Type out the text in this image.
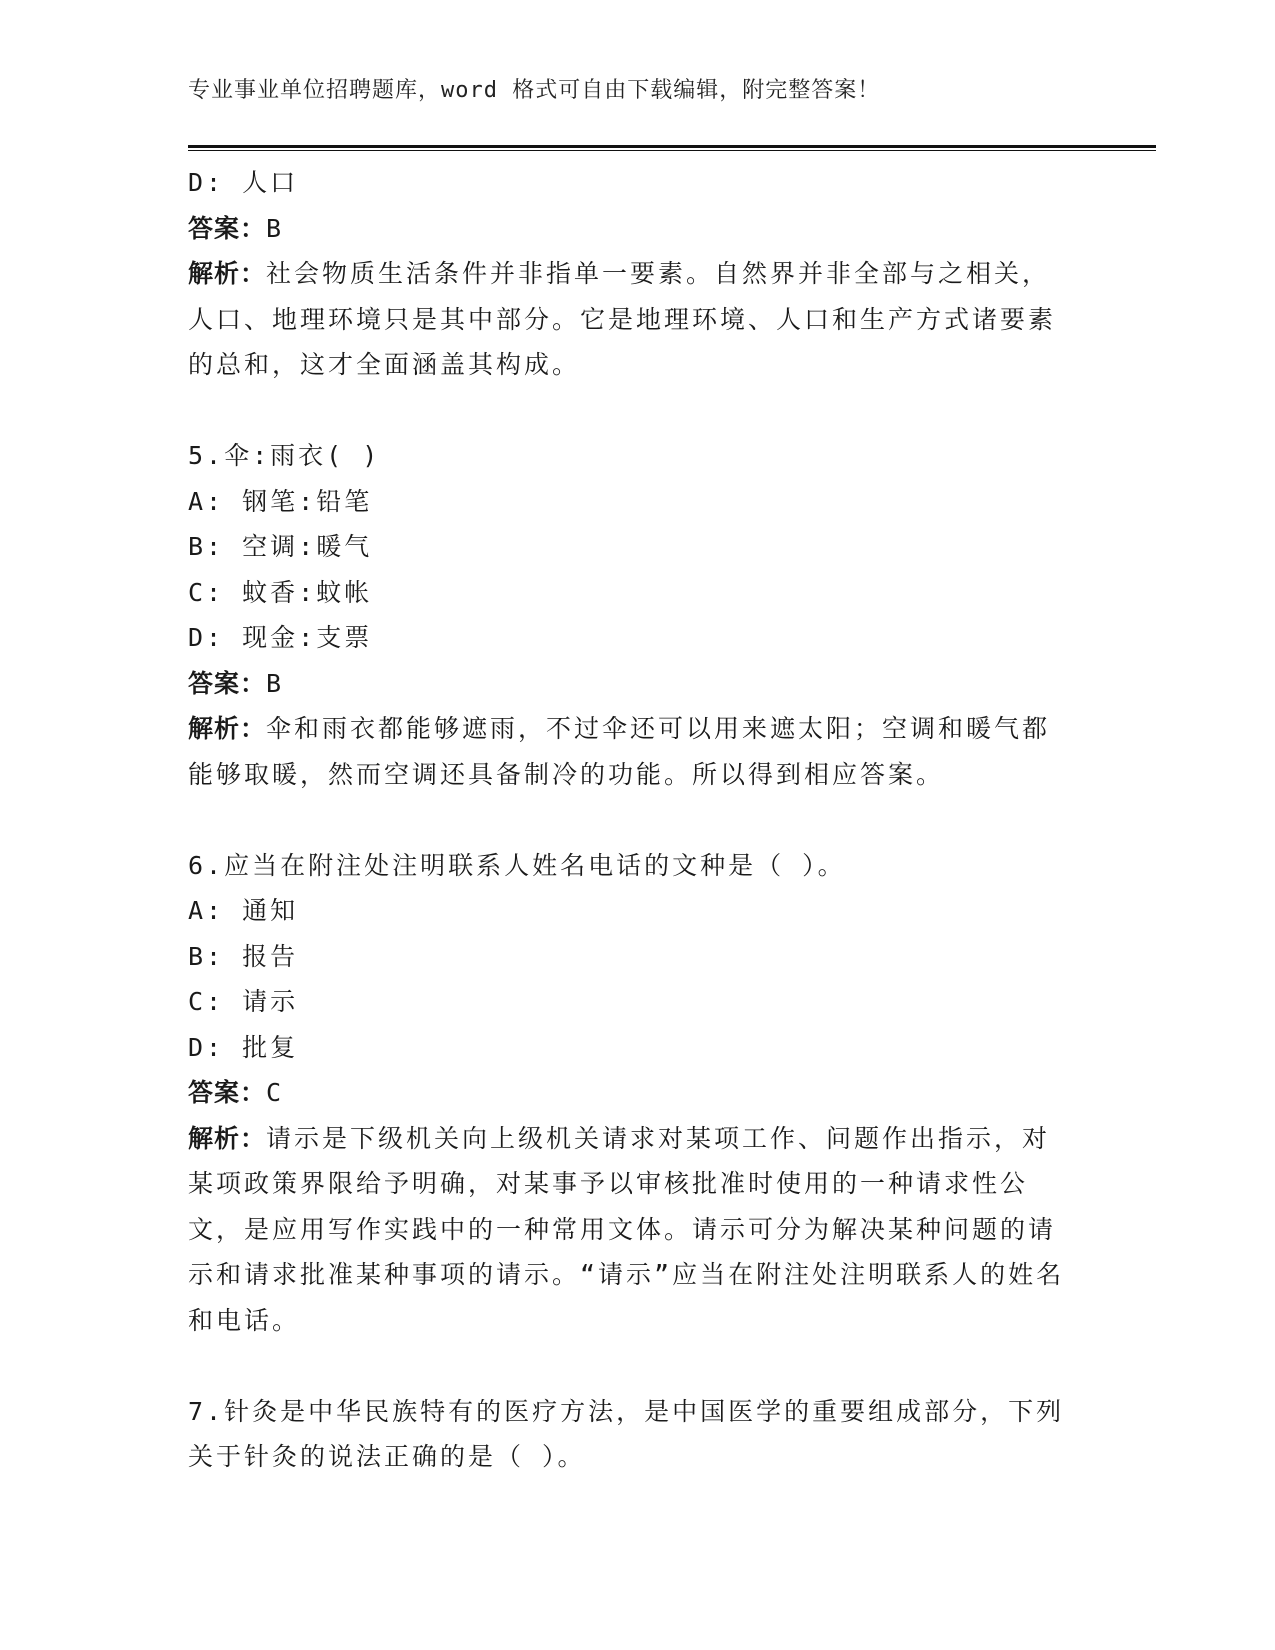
专业事业单位招聘题库，word 格式可自由下载编辑，附完整答案！
D: 人口
答案：B
解析：社会物质生活条件并非指单一要素。自然界并非全部与之相关，人口、地理环境只是其中部分。它是地理环境、人口和生产方式诸要素的总和，这才全面涵盖其构成。
5.伞:雨衣( )
A: 钢笔:铅笔
B: 空调:暖气
C: 蚊香:蚊帐
D: 现金:支票
答案：B
解析：伞和雨衣都能够遮雨，不过伞还可以用来遮太阳；空调和暖气都能够取暖，然而空调还具备制冷的功能。所以得到相应答案。
6.应当在附注处注明联系人姓名电话的文种是（ ）。
A: 通知
B: 报告
C: 请示
D: 批复
答案：C
解析：请示是下级机关向上级机关请求对某项工作、问题作出指示，对某项政策界限给予明确，对某事予以审核批准时使用的一种请求性公文，是应用写作实践中的一种常用文体。请示可分为解决某种问题的请示和请求批准某种事项的请示。“请示”应当在附注处注明联系人的姓名和电话。
7.针灸是中华民族特有的医疗方法，是中国医学的重要组成部分，下列关于针灸的说法正确的是（ ）。
